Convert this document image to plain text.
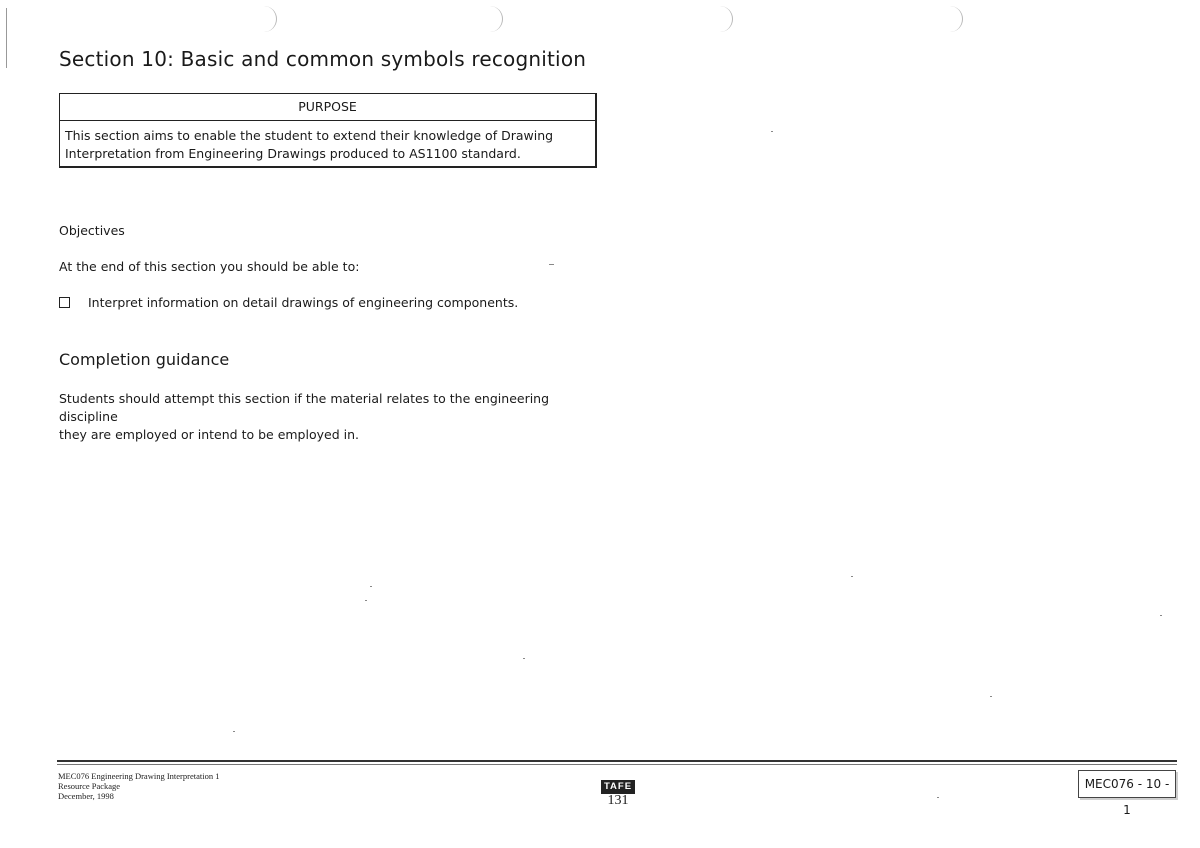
Section 10: Basic and common symbols recognition
PURPOSE
This section aims to enable the student to extend their knowledge of Drawing
Interpretation from Engineering Drawings produced to AS1100 standard.
Objectives
At the end of this section you should be able to:
Interpret information on detail drawings of engineering components.
Completion guidance
Students should attempt this section if the material relates to the engineering discipline
they are employed or intend to be employed in.
MEC076 Engineering Drawing Interpretation 1
Resource Package
December, 1998
TAFE
131
MEC076 - 10 - 1
